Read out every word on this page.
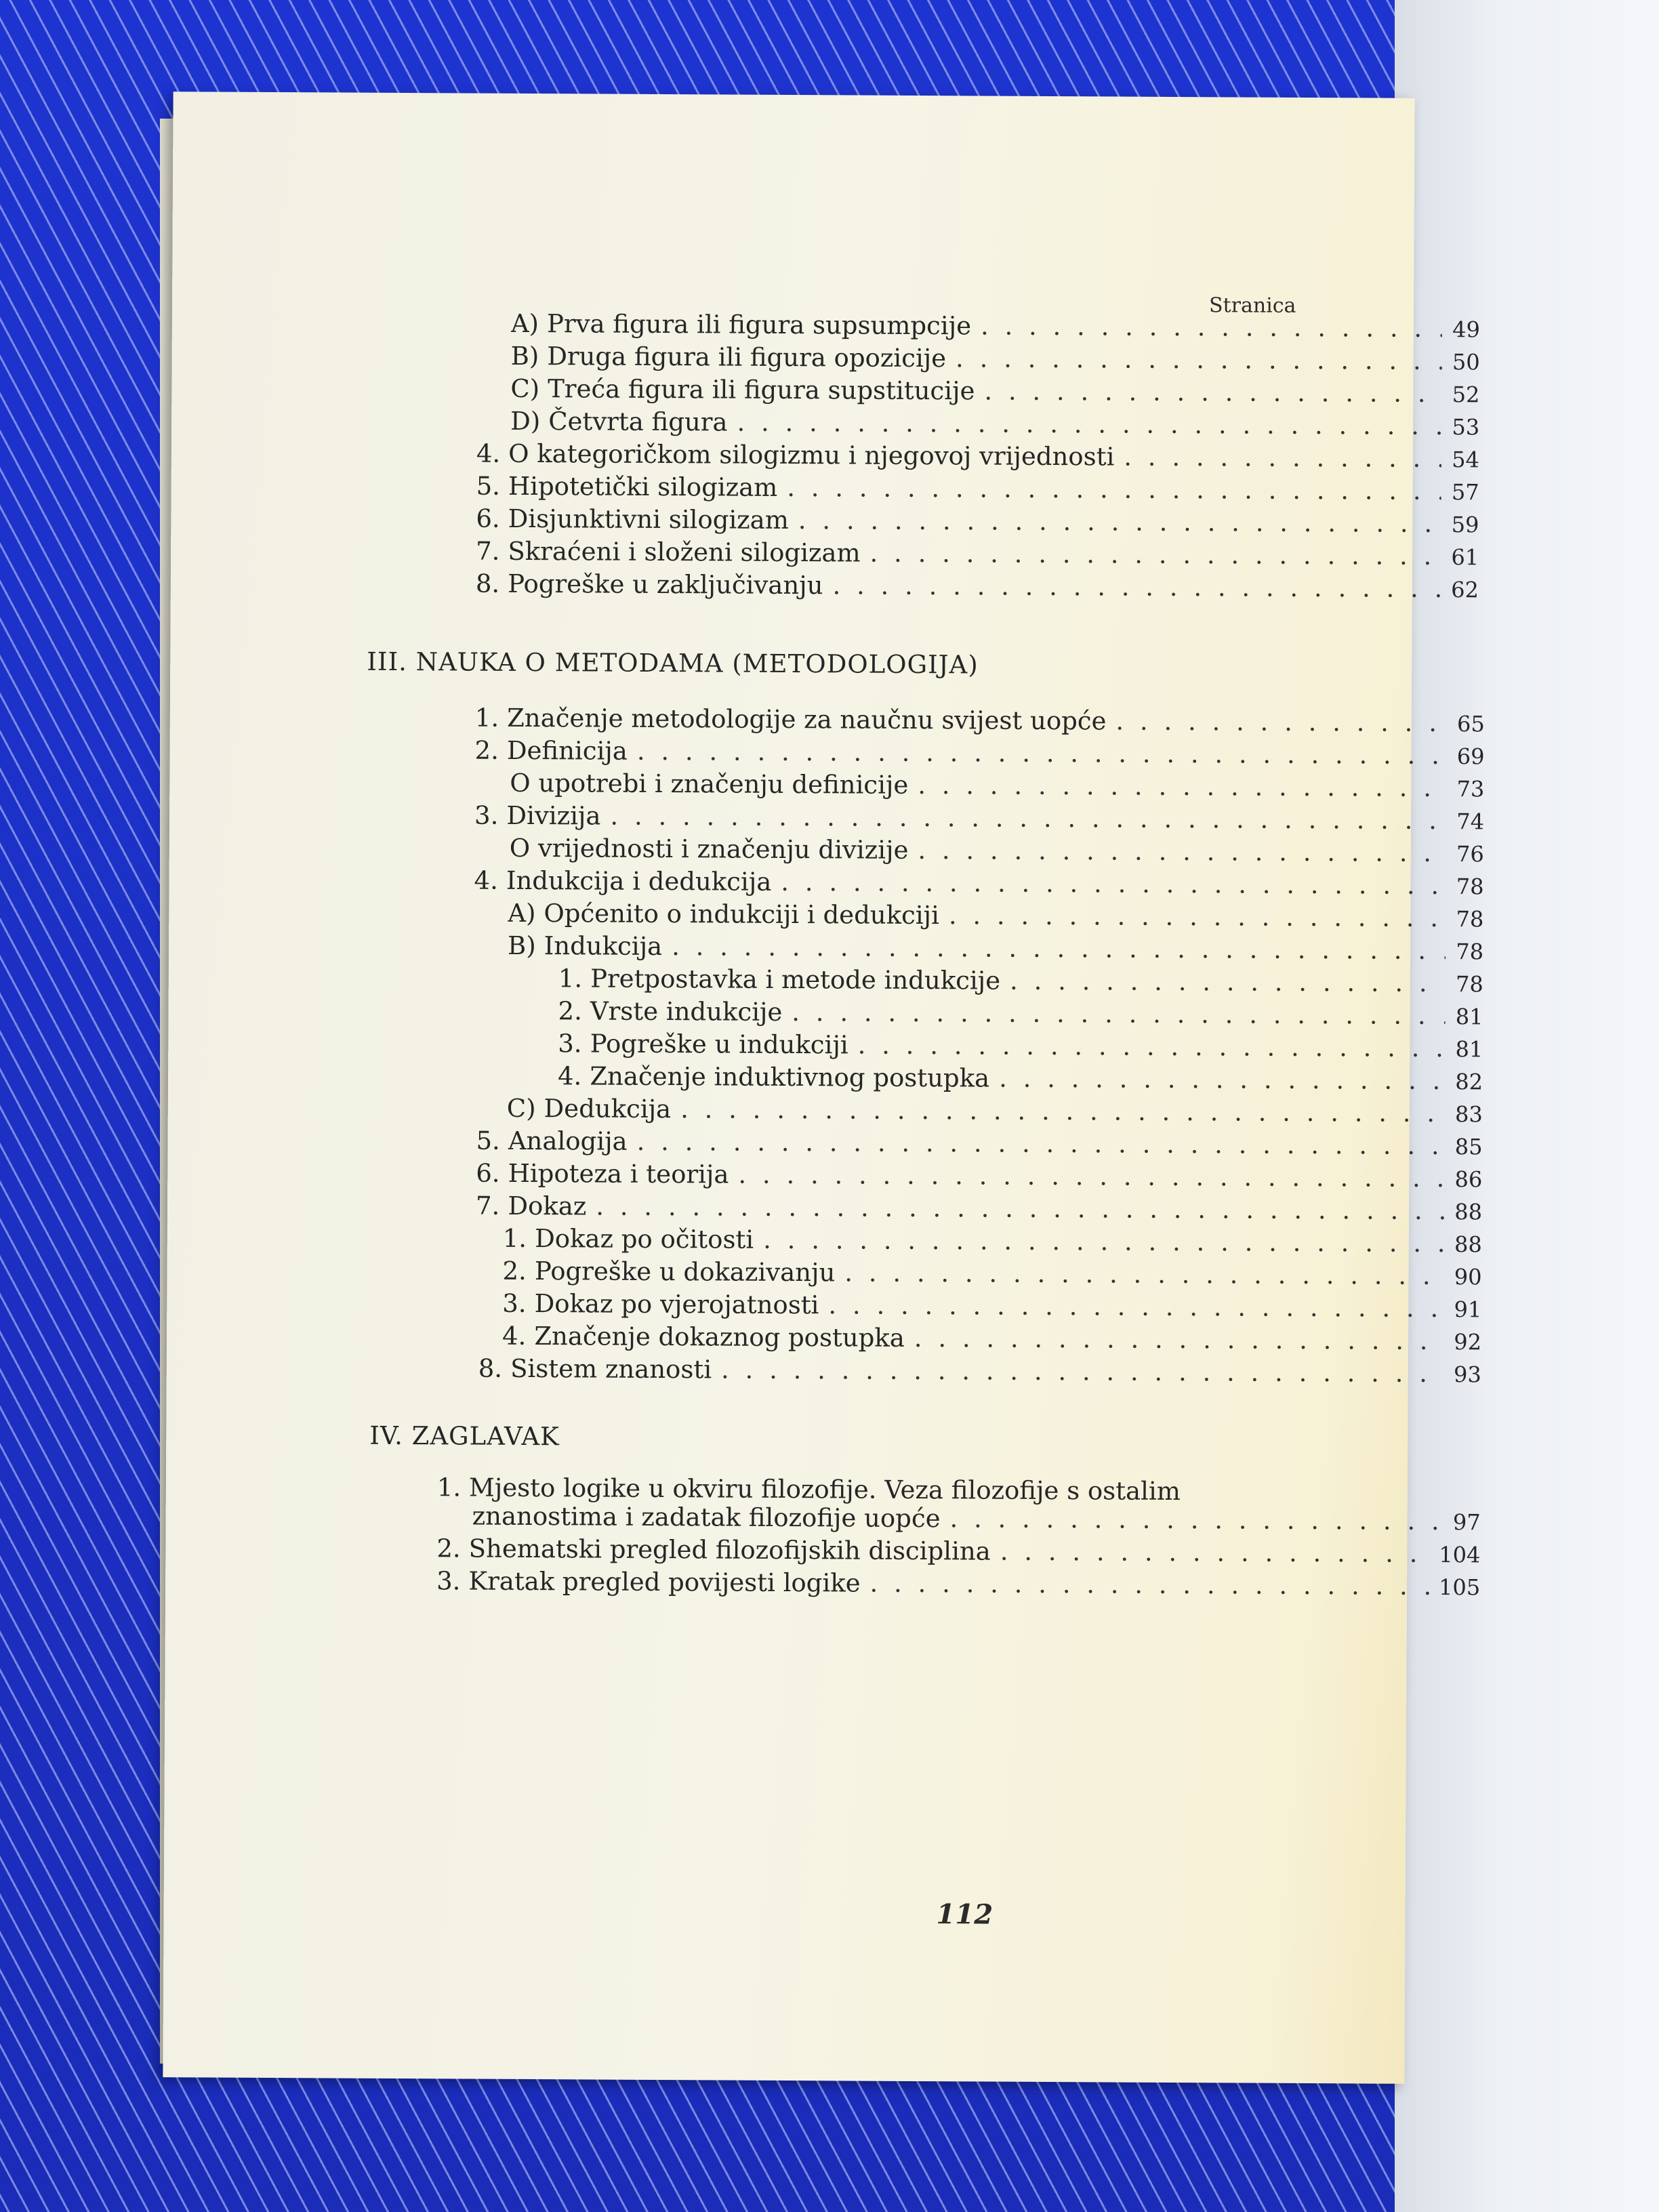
Stranica
A) Prva figura ili figura supsumpcije . . .	49
B) Druga figura ili figura opozicije . . .	50
C) Treća figura ili figura supstitucije . . .	52
D) Četvrta figura . . .	53
4. O kategoričkom silogizmu i njegovoj vrijednosti . . .	54
5. Hipotetički silogizam . . .	57
6. Disjunktivni silogizam . . .	59
7. Skraćeni i složeni silogizam . . .	61
8. Pogreške u zaključivanju . . .	62
III. NAUKA O METODAMA (METODOLOGIJA)
1. Značenje metodologije za naučnu svijest uopće . . .	65
2. Definicija . . .	69
O upotrebi i značenju definicije . . .	73
3. Divizija . . .	74
O vrijednosti i značenju divizije . . .	76
4. Indukcija i dedukcija . . .	78
A) Općenito o indukciji i dedukciji . . .	78
B) Indukcija . . .	78
1. Pretpostavka i metode indukcije . . .	78
2. Vrste indukcije . . .	81
3. Pogreške u indukciji . . .	81
4. Značenje induktivnog postupka . . .	82
C) Dedukcija . . .	83
5. Analogija . . .	85
6. Hipoteza i teorija . . .	86
7. Dokaz . . .	88
1. Dokaz po očitosti . . .	88
2. Pogreške u dokazivanju . . .	90
3. Dokaz po vjerojatnosti . . .	91
4. Značenje dokaznog postupka . . .	92
8. Sistem znanosti . . .	93
IV. ZAGLAVAK
1. Mjesto logike u okviru filozofije. Veza filozofije s ostalim
znanostima i zadatak filozofije uopće . . .	97
2. Shematski pregled filozofijskih disciplina . . .	104
3. Kratak pregled povijesti logike . . .	105
112
